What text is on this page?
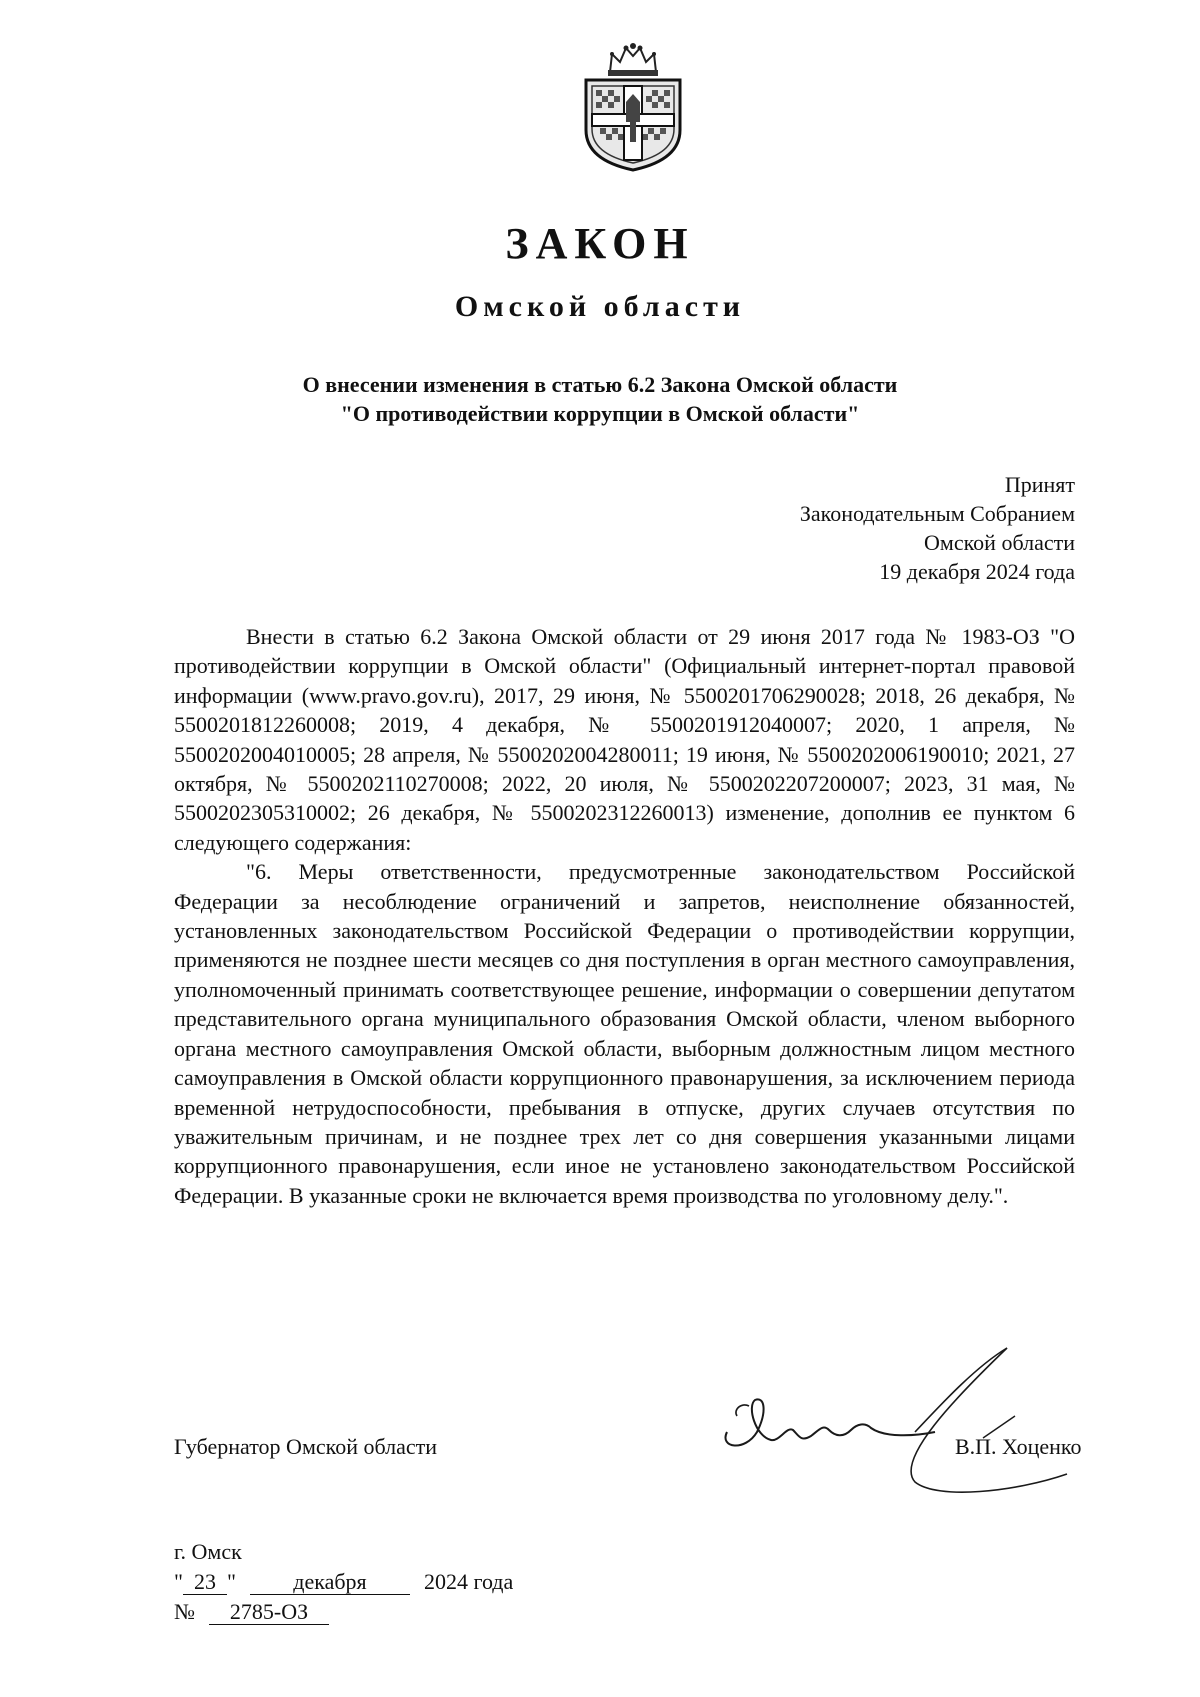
ЗАКОН
Омской области
О внесении изменения в статью 6.2 Закона Омской области
"О противодействии коррупции в Омской области"
Принят
Законодательным Собранием
Омской области
19 декабря 2024 года

Внести в статью 6.2 Закона Омской области от 29 июня 2017 года № 1983-ОЗ "О противодействии коррупции в Омской области" (Официальный интернет-портал правовой информации (www.pravo.gov.ru), 2017, 29 июня, № 5500201706290028; 2018, 26 декабря, № 5500201812260008; 2019, 4 декабря, № 5500201912040007; 2020, 1 апреля, № 5500202004010005; 28 апреля, № 5500202004280011; 19 июня, № 5500202006190010; 2021, 27 октября, № 5500202110270008; 2022, 20 июля, № 5500202207200007; 2023, 31 мая, № 5500202305310002; 26 декабря, № 5500202312260013) изменение, дополнив ее пунктом 6 следующего содержания:

"6. Меры ответственности, предусмотренные законодательством Российской Федерации за несоблюдение ограничений и запретов, неисполнение обязанностей, установленных законодательством Российской Федерации о противодействии коррупции, применяются не позднее шести месяцев со дня поступления в орган местного самоуправления, уполномоченный принимать соответствующее решение, информации о совершении депутатом представительного органа муниципального образования Омской области, членом выборного органа местного самоуправления Омской области, выборным должностным лицом местного самоуправления в Омской области коррупционного правонарушения, за исключением периода временной нетрудоспособности, пребывания в отпуске, других случаев отсутствия по уважительным причинам, и не позднее трех лет со дня совершения указанными лицами коррупционного правонарушения, если иное не установлено законодательством Российской Федерации. В указанные сроки не включается время производства по уголовному делу.".

Губернатор Омской области	В.П. Хоценко
г. Омск
" 23 "	декабря	2024 года
№ 2785-ОЗ
